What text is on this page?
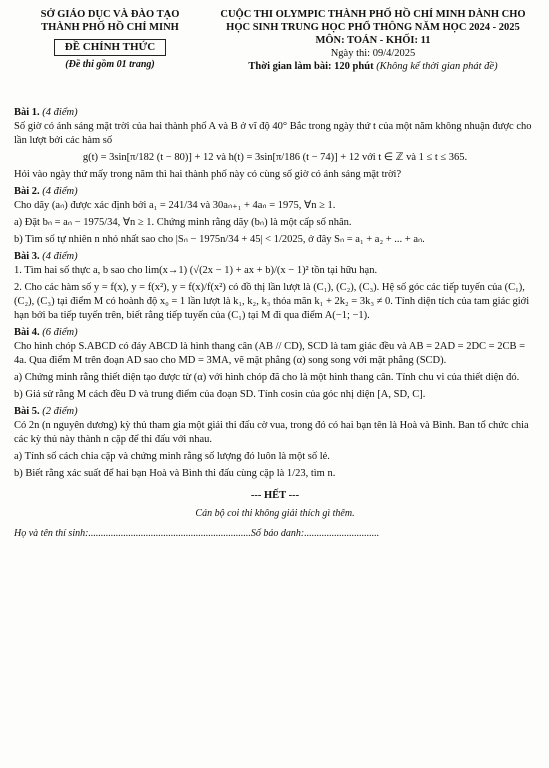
SỞ GIÁO DỤC VÀ ĐÀO TẠO
THÀNH PHỐ HỒ CHÍ MINH
ĐỀ CHÍNH THỨC
(Đề thi gồm 01 trang)
CUỘC THI OLYMPIC THÀNH PHỐ HỒ CHÍ MINH DÀNH CHO
HỌC SINH TRUNG HỌC PHỔ THÔNG NĂM HỌC 2024 - 2025
MÔN: TOÁN - KHỐI: 11
Ngày thi: 09/4/2025
Thời gian làm bài: 120 phút (Không kể thời gian phát đề)
Bài 1. (4 điểm)

Số giờ có ánh sáng mặt trời của hai thành phố A và B ở vĩ độ 40° Bắc trong ngày thứ t của một năm không nhuận được cho lần lượt bởi các hàm số

g(t) = 3sin[π/182 (t − 80)] + 12 và h(t) = 3sin[π/186 (t − 74)] + 12 với t ∈ ℤ và 1 ≤ t ≤ 365.

Hỏi vào ngày thứ mấy trong năm thì hai thành phố này có cùng số giờ có ánh sáng mặt trời?

Bài 2. (4 điểm)

Cho dãy (aₙ) được xác định bởi a₁ = 241/34 và 30aₙ₊₁ + 4aₙ = 1975, ∀n ≥ 1.

a) Đặt bₙ = aₙ − 1975/34, ∀n ≥ 1. Chứng minh rằng dãy (bₙ) là một cấp số nhân.

b) Tìm số tự nhiên n nhỏ nhất sao cho |Sₙ − 1975n/34 + 45| < 1/2025, ở đây Sₙ = a₁ + a₂ + ... + aₙ.

Bài 3. (4 điểm)

1. Tìm hai số thực a, b sao cho lim(x→1) (√(2x − 1) + ax + b)/(x − 1)² tồn tại hữu hạn.

2. Cho các hàm số y = f(x), y = f(x²), y = f(x)/f(x²) có đồ thị lần lượt là (C₁), (C₂), (C₃). Hệ số góc các tiếp tuyến của (C₁), (C₂), (C₃) tại điểm M có hoành độ x₀ = 1 lần lượt là k₁, k₂, k₃ thỏa mãn k₁ + 2k₂ = 3k₃ ≠ 0. Tính diện tích của tam giác giới hạn bởi ba tiếp tuyến trên, biết rằng tiếp tuyến của (C₁) tại M đi qua điểm A(−1; −1).

Bài 4. (6 điểm)

Cho hình chóp S.ABCD có đáy ABCD là hình thang cân (AB // CD), SCD là tam giác đều và AB = 2AD = 2DC = 2CB = 4a. Qua điểm M trên đoạn AD sao cho MD = 3MA, vẽ mặt phẳng (α) song song với mặt phẳng (SCD).

a) Chứng minh rằng thiết diện tạo được từ (α) với hình chóp đã cho là một hình thang cân. Tính chu vi của thiết diện đó.

b) Giả sử rằng M cách đều D và trung điểm của đoạn SD. Tính cosin của góc nhị diện [A, SD, C].

Bài 5. (2 điểm)

Có 2n (n nguyên dương) kỳ thủ tham gia một giải thi đấu cờ vua, trong đó có hai bạn tên là Hoà và Bình. Ban tổ chức chia các kỳ thủ này thành n cặp để thi đấu với nhau.

a) Tính số cách chia cặp và chứng minh rằng số lượng đó luôn là một số lẻ.

b) Biết rằng xác suất để hai bạn Hoà và Bình thi đấu cùng cặp là 1/23, tìm n.

--- HẾT ---
Cán bộ coi thi không giải thích gì thêm.
Họ và tên thí sinh:.................................................................Số báo danh:..............................
